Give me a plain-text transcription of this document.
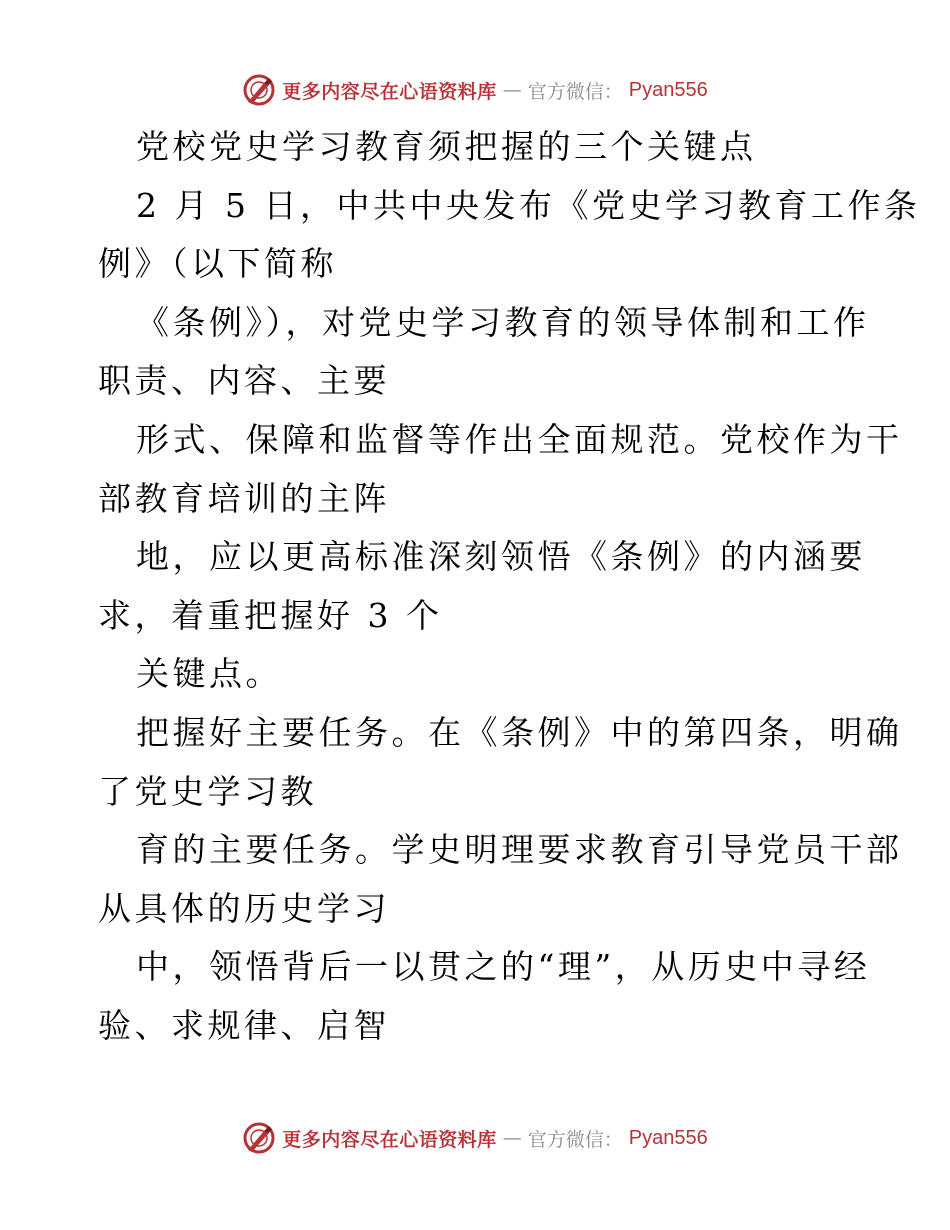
更多内容尽在心语资料库 — 官方微信： Pyan556
党校党史学习教育须把握的三个关键点
2 月 5 日，中共中央发布《党史学习教育工作条
例》（以下简称
《条例》），对党史学习教育的领导体制和工作
职责、内容、主要
形式、保障和监督等作出全面规范。党校作为干
部教育培训的主阵
地，应以更高标准深刻领悟《条例》的内涵要
求，着重把握好 3 个
关键点。
把握好主要任务。在《条例》中的第四条，明确
了党史学习教
育的主要任务。学史明理要求教育引导党员干部
从具体的历史学习
中，领悟背后一以贯之的“理”，从历史中寻经
验、求规律、启智
更多内容尽在心语资料库 — 官方微信： Pyan556
